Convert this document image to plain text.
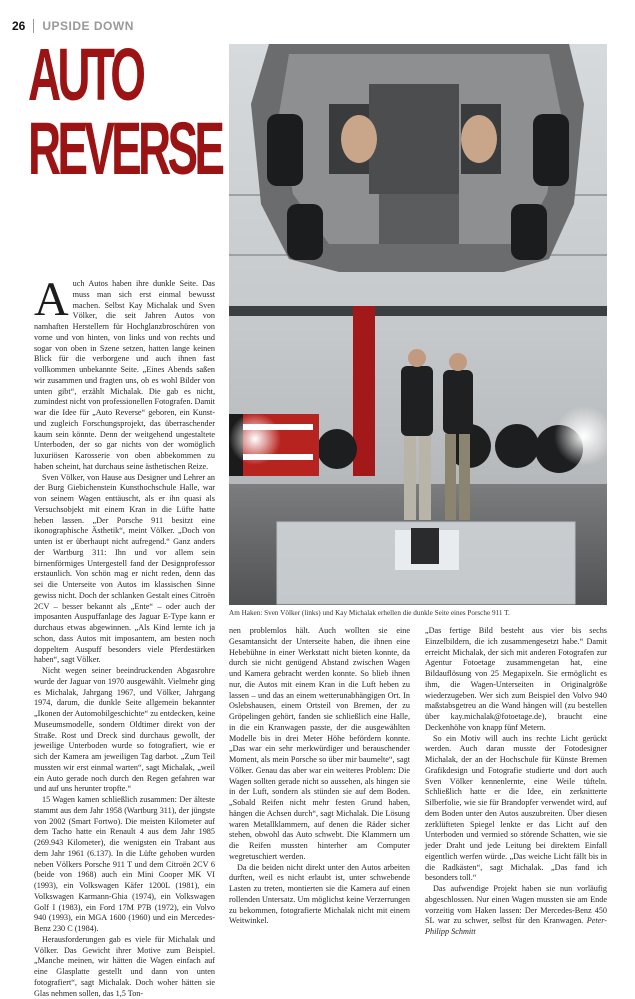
26 UPSIDE DOWN
AUTO
REVERSE
Am Haken: Sven Völker (links) und Kay Michalak erhellen die dunkle Seite eines Porsche 911 T.

Auch Autos haben ihre dunkle Seite. Das muss man sich erst einmal bewusst machen. Selbst Kay Michalak und Sven Völker, die seit Jahren Autos von namhaften Herstellern für Hochglanzbroschüren von vorne und von hinten, von links und von rechts und sogar von oben in Szene setzen, hatten lange keinen Blick für die verborgene und auch ihnen fast vollkommen unbekannte Seite. „Eines Abends saßen wir zusammen und fragten uns, ob es wohl Bilder von unten gibt“, erzählt Michalak. Die gab es nicht, zumindest nicht von professionellen Fotografen. Damit war die Idee für „Auto Reverse“ geboren, ein Kunst- und zugleich Forschungsprojekt, das überraschender kaum sein könnte. Denn der weitgehend ungestaltete Unterboden, der so gar nichts von der womöglich luxuriösen Karosserie von oben abbekommen zu haben scheint, hat durchaus seine ästhetischen Reize.

Sven Völker, von Hause aus Designer und Lehrer an der Burg Giebichenstein Kunsthochschule Halle, war von seinem Wagen enttäuscht, als er ihn quasi als Versuchsobjekt mit einem Kran in die Lüfte hatte heben lassen. „Der Porsche 911 besitzt eine ikonographische Ästhetik“, meint Völker. „Doch von unten ist er überhaupt nicht aufregend.“ Ganz anders der Wartburg 311: Ihn und vor allem sein birnenförmiges Untergestell fand der Designprofessor erstaunlich. Von schön mag er nicht reden, denn das sei die Unterseite von Autos im klassischen Sinne gewiss nicht. Doch der schlanken Gestalt eines Citroën 2CV – besser bekannt als „Ente“ – oder auch der imposanten Auspuffanlage des Jaguar E-Type kann er durchaus etwas abgewinnen. „Als Kind lernte ich ja schon, dass Autos mit imposantem, am besten noch doppeltem Auspuff besonders viele Pferdestärken haben“, sagt Völker.

Nicht wegen seiner beeindruckenden Abgasrohre wurde der Jaguar von 1970 ausgewählt. Vielmehr ging es Michalak, Jahrgang 1967, und Völker, Jahrgang 1974, darum, die dunkle Seite allgemein bekannter „Ikonen der Automobilgeschichte“ zu entdecken, keine Museumsmodelle, sondern Oldtimer direkt von der Straße. Rost und Dreck sind durchaus gewollt, der jeweilige Unterboden wurde so fotografiert, wie er sich der Kamera am jeweiligen Tag darbot. „Zum Teil mussten wir erst einmal warten“, sagt Michalak, „weil ein Auto gerade noch durch den Regen gefahren war und auf uns herunter tropfte.“

15 Wagen kamen schließlich zusammen: Der älteste stammt aus dem Jahr 1958 (Wartburg 311), der jüngste von 2002 (Smart Fortwo). Die meisten Kilometer auf dem Tacho hatte ein Renault 4 aus dem Jahr 1985 (269.943 Kilometer), die wenigsten ein Trabant aus dem Jahr 1961 (6.137). In die Lüfte gehoben wurden neben Völkers Porsche 911 T und dem Citroën 2CV 6 (beide von 1968) auch ein Mini Cooper MK VI (1993), ein Volkswagen Käfer 1200L (1981), ein Volkswagen Karmann-Ghia (1974), ein Volkswagen Golf I (1983), ein Ford 17M P7B (1972), ein Volvo 940 (1993), ein MGA 1600 (1960) und ein Mercedes-Benz 230 C (1984).

Herausforderungen gab es viele für Michalak und Völker. Das Gewicht ihrer Motive zum Beispiel. „Manche meinen, wir hätten die Wagen einfach auf eine Glasplatte gestellt und dann von unten fotografiert“, sagt Michalak. Doch woher hätten sie Glas nehmen sollen, das 1,5 Ton-

nen problemlos hält. Auch wollten sie eine Gesamtansicht der Unterseite haben, die ihnen eine Hebebühne in einer Werkstatt nicht bieten konnte, da durch sie nicht genügend Abstand zwischen Wagen und Kamera gebracht werden konnte. So blieb ihnen nur, die Autos mit einem Kran in die Luft heben zu lassen – und das an einem wetterunabhängigen Ort. In Oslebshausen, einem Ortsteil von Bremen, der zu Gröpelingen gehört, fanden sie schließlich eine Halle, in die ein Kranwagen passte, der die ausgewählten Modelle bis in drei Meter Höhe befördern konnte. „Das war ein sehr merkwürdiger und berauschender Moment, als mein Porsche so über mir baumelte“, sagt Völker. Genau das aber war ein weiteres Problem: Die Wagen sollten gerade nicht so aussehen, als hingen sie in der Luft, sondern als stünden sie auf dem Boden. „Sobald Reifen nicht mehr festen Grund haben, hängen die Achsen durch“, sagt Michalak. Die Lösung waren Metallklammern, auf denen die Räder sicher stehen, obwohl das Auto schwebt. Die Klammern um die Reifen mussten hinterher am Computer wegretuschiert werden.

Da die beiden nicht direkt unter den Autos arbeiten durften, weil es nicht erlaubt ist, unter schwebende Lasten zu treten, montierten sie die Kamera auf einen rollenden Untersatz. Um möglichst keine Verzerrungen zu bekommen, fotografierte Michalak nicht mit einem Weitwinkel.

„Das fertige Bild besteht aus vier bis sechs Einzelbildern, die ich zusammengesetzt habe.“ Damit erreicht Michalak, der sich mit anderen Fotografen zur Agentur Fotoetage zusammengetan hat, eine Bildauflösung von 25 Megapixeln. Sie ermöglicht es ihm, die Wagen-Unterseiten in Originalgröße wiederzugeben. Wer sich zum Beispiel den Volvo 940 maßstabsgetreu an die Wand hängen will (zu bestellen über kay.michalak@fotoetage.de), braucht eine Deckenhöhe von knapp fünf Metern.

So ein Motiv will auch ins rechte Licht gerückt werden. Auch daran musste der Fotodesigner Michalak, der an der Hochschule für Künste Bremen Grafikdesign und Fotografie studierte und dort auch Sven Völker kennenlernte, eine Weile tüfteln. Schließlich hatte er die Idee, ein zerknitterte Silberfolie, wie sie für Brandopfer verwendet wird, auf dem Boden unter den Autos auszubreiten. Über diesen zerklüfteten Spiegel lenkte er das Licht auf den Unterboden und vermied so störende Schatten, wie sie jeder Draht und jede Leitung bei direktem Einfall eigentlich werfen würde. „Das weiche Licht fällt bis in die Radkästen“, sagt Michalak. „Das fand ich besonders toll.“

Das aufwendige Projekt haben sie nun vorläufig abgeschlossen. Nur einen Wagen mussten sie am Ende vorzeitig vom Haken lassen: Der Mercedes-Benz 450 SL war zu schwer, selbst für den Kranwagen. Peter-Philipp Schmitt
